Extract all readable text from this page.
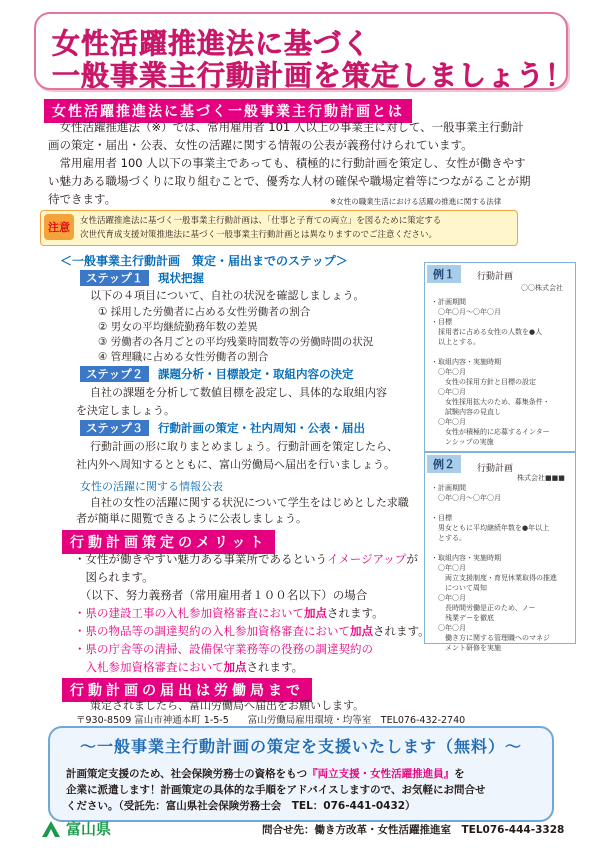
女性活躍推進法に基づく
一般事業主行動計画を策定しましょう！
女性活躍推進法に基づく一般事業主行動計画とは
　女性活躍推進法（※）では、常用雇用者 101 人以上の事業主に対して、一般事業主行動計
画の策定・届出・公表、女性の活躍に関する情報の公表が義務付けられています。
　常用雇用者 100 人以下の事業主であっても、積極的に行動計画を策定し、女性が働きやす
い魅力ある職場づくりに取り組むことで、優秀な人材の確保や職場定着等につながることが期
待できます。	※女性の職業生活における活躍の推進に関する法律
注意	女性活躍推進法に基づく一般事業主行動計画は、「仕事と子育ての両立」を図るために策定する
次世代育成支援対策推進法に基づく一般事業主行動計画とは異なりますのでご注意ください。
＜一般事業主行動計画　策定・届出までのステップ＞
ステップ１	現状把握
以下の４項目について、自社の状況を確認しましょう。
① 採用した労働者に占める女性労働者の割合
② 男女の平均継続勤務年数の差異
③ 労働者の各月ごとの平均残業時間数等の労働時間の状況
④ 管理職に占める女性労働者の割合
ステップ２	課題分析・目標設定・取組内容の決定
自社の課題を分析して数値目標を設定し、具体的な取組内容
を決定しましょう。
ステップ３	行動計画の策定・社内周知・公表・届出
行動計画の形に取りまとめましょう。行動計画を策定したら、
社内外へ周知するとともに、富山労働局へ届出を行いましょう。
女性の活躍に関する情報公表
自社の女性の活躍に関する状況について学生をはじめとした求職
者が簡単に閲覧できるように公表しましょう。
例１	行動計画
〇〇株式会社
・計画期間
　〇年〇月～〇年〇月
・目標
　採用者に占める女性の人数を●人
　以上とする。

・取組内容・実施時期
　〇年〇月
　　女性の採用方針と目標の設定
　〇年〇月
　　女性採用拡大のため、募集条件・
　　試験内容の見直し
　〇年〇月
　　女性が積極的に応募するインター
　　ンシップの実施
例２	行動計画
株式会社■■■
・計画期間
　〇年〇月～〇年〇月

・目標
　男女ともに平均継続年数を●年以上
　とする。

・取組内容・実施時期
　〇年〇月
　　両立支援制度・育児休業取得の推進
　　について周知
　〇年〇月
　　長時間労働是正のため、ノー
　　残業デーを徹底
　〇年〇月
　　働き方に関する管理職へのマネジ
　　メント研修を実施
行動計画策定のメリット
・女性が働きやすい魅力ある事業所であるというイメージアップが
　図られます。
　（以下、努力義務者（常用雇用者１００名以下）の場合
・県の建設工事の入札参加資格審査において加点されます。
・県の物品等の調達契約の入札参加資格審査において加点されます。
・県の庁舎等の清掃、設備保守業務等の役務の調達契約の
　入札参加資格審査において加点されます。
行動計画の届出は労働局まで
策定されましたら、富山労働局へ届出をお願いします。
〒930-8509 富山市神通本町 1-5-5　　富山労働局雇用環境・均等室　TEL076-432-2740
～一般事業主行動計画の策定を支援いたします（無料）～
計画策定支援のため、社会保険労務士の資格をもつ『両立支援・女性活躍推進員』を
企業に派遣します！計画策定の具体的な手順をアドバイスしますので、お気軽にお問合せ
ください。（受託先：富山県社会保険労務士会　TEL：076-441-0432）
富山県	問合せ先：働き方改革・女性活躍推進室　TEL076-444-3328
